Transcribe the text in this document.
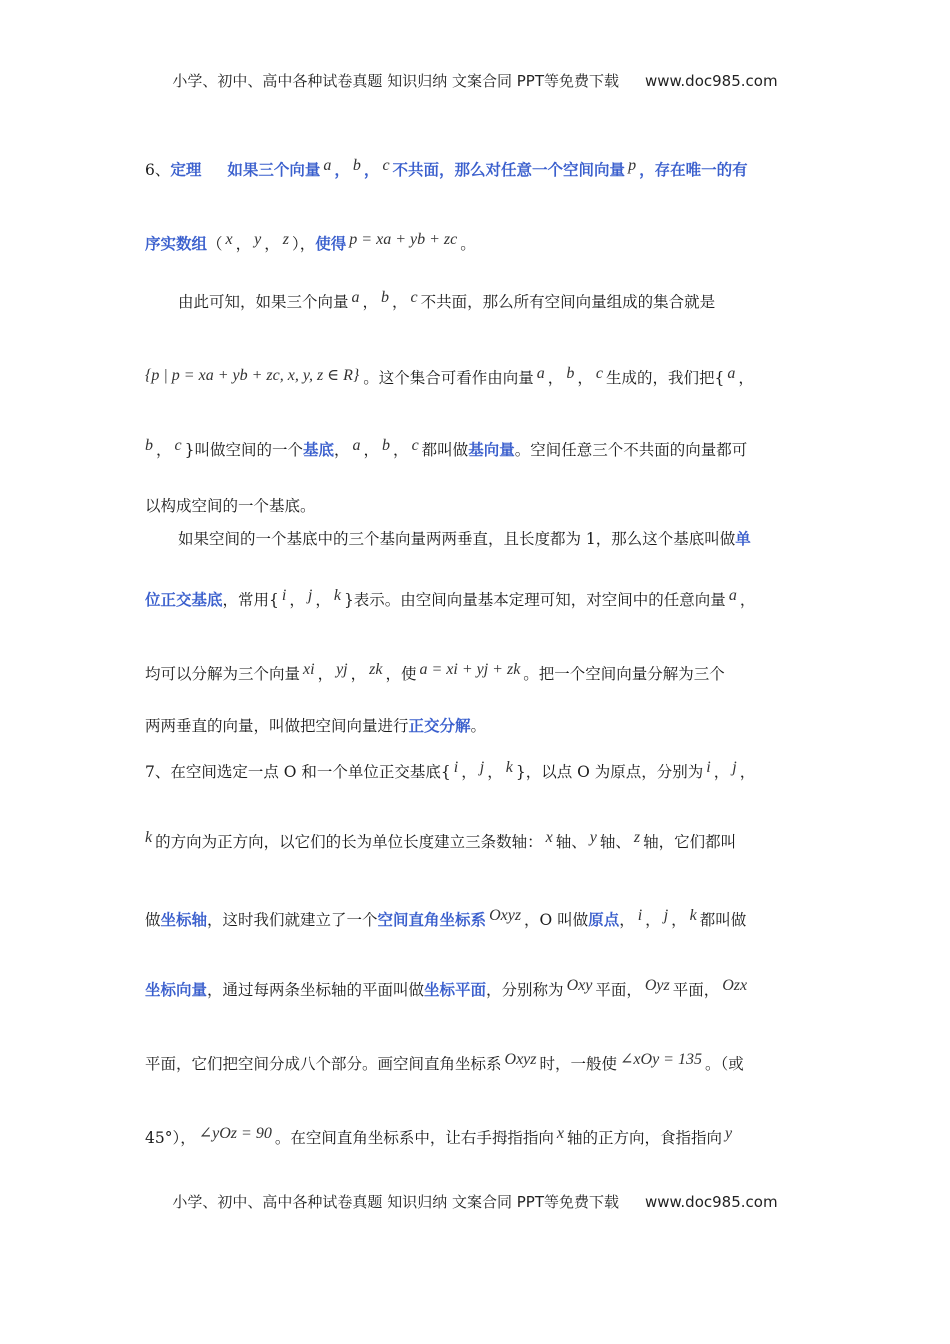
小学、初中、高中各种试卷真题 知识归纳 文案合同 PPT等免费下载 www.doc985.com
6、定理 如果三个向量 a ， b ， c 不共面，那么对任意一个空间向量 p ，存在唯一的有
序实数组（ x ， y ， z ），使得 p = xa + yb + zc 。
由此可知，如果三个向量 a ， b ， c 不共面，那么所有空间向量组成的集合就是
{p | p = xa + yb + zc, x, y, z ∈ R} 。这个集合可看作由向量 a ， b ， c 生成的，我们把{ a ，
b ， c }叫做空间的一个基底， a ， b ， c 都叫做基向量。空间任意三个不共面的向量都可
以构成空间的一个基底。
如果空间的一个基底中的三个基向量两两垂直，且长度都为 1，那么这个基底叫做单
位正交基底，常用{ i ， j ， k }表示。由空间向量基本定理可知，对空间中的任意向量 a ，
均可以分解为三个向量 xi ， yj ， zk ，使 a = xi + yj + zk 。把一个空间向量分解为三个
两两垂直的向量，叫做把空间向量进行正交分解。
7、在空间选定一点 O 和一个单位正交基底{ i ， j ， k }，以点 O 为原点，分别为 i ， j ，
k 的方向为正方向，以它们的长为单位长度建立三条数轴： x 轴、 y 轴、 z 轴，它们都叫
做坐标轴，这时我们就建立了一个空间直角坐标系 Oxyz ，O 叫做原点， i ， j ， k 都叫做
坐标向量，通过每两条坐标轴的平面叫做坐标平面，分别称为 Oxy 平面， Oyz 平面， Ozx
平面，它们把空间分成八个部分。画空间直角坐标系 Oxyz 时，一般使 ∠xOy = 135 。（或
45°）， ∠yOz = 90 。在空间直角坐标系中，让右手拇指指向 x 轴的正方向，食指指向 y
小学、初中、高中各种试卷真题 知识归纳 文案合同 PPT等免费下载 www.doc985.com
